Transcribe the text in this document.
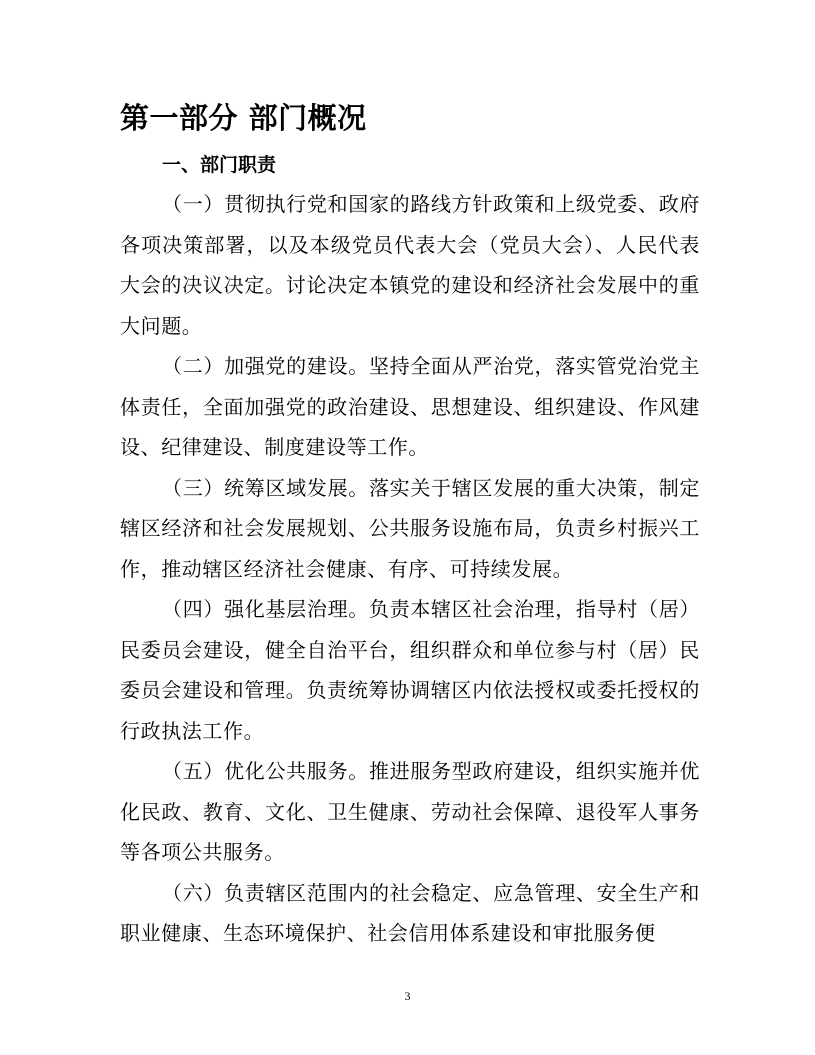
第一部分 部门概况
一、部门职责

（一）贯彻执行党和国家的路线方针政策和上级党委、政府各项决策部署，以及本级党员代表大会（党员大会）、人民代表大会的决议决定。讨论决定本镇党的建设和经济社会发展中的重大问题。

（二）加强党的建设。坚持全面从严治党，落实管党治党主体责任，全面加强党的政治建设、思想建设、组织建设、作风建设、纪律建设、制度建设等工作。

（三）统筹区域发展。落实关于辖区发展的重大决策，制定辖区经济和社会发展规划、公共服务设施布局，负责乡村振兴工作，推动辖区经济社会健康、有序、可持续发展。

（四）强化基层治理。负责本辖区社会治理，指导村（居）民委员会建设，健全自治平台，组织群众和单位参与村（居）民委员会建设和管理。负责统筹协调辖区内依法授权或委托授权的行政执法工作。

（五）优化公共服务。推进服务型政府建设，组织实施并优化民政、教育、文化、卫生健康、劳动社会保障、退役军人事务等各项公共服务。

（六）负责辖区范围内的社会稳定、应急管理、安全生产和职业健康、生态环境保护、社会信用体系建设和审批服务便

3
